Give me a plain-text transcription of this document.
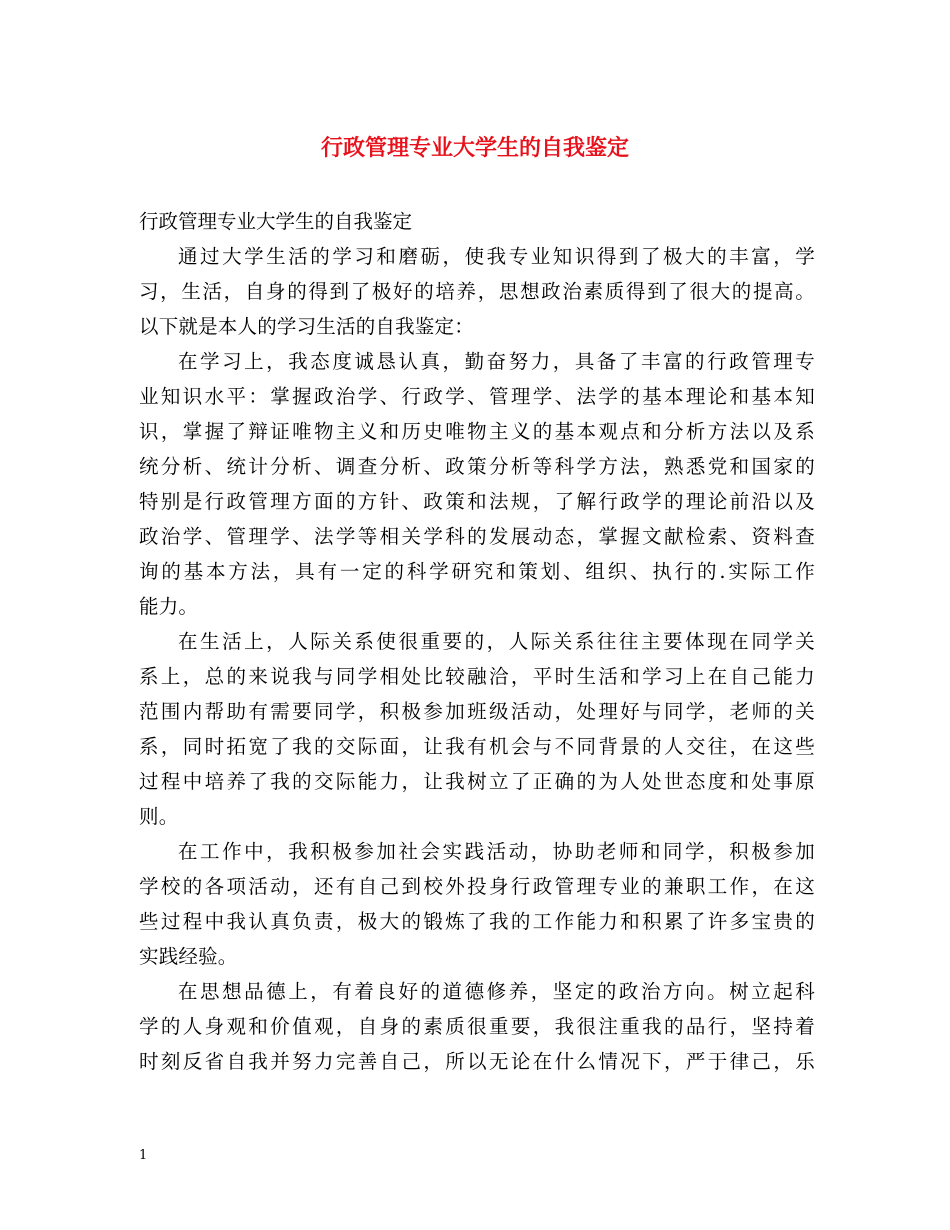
行政管理专业大学生的自我鉴定

行政管理专业大学生的自我鉴定

通过大学生活的学习和磨砺，使我专业知识得到了极大的丰富，学
习，生活，自身的得到了极好的培养，思想政治素质得到了很大的提高。
以下就是本人的学习生活的自我鉴定：
在学习上，我态度诚恳认真，勤奋努力，具备了丰富的行政管理专
业知识水平：掌握政治学、行政学、管理学、法学的基本理论和基本知
识，掌握了辩证唯物主义和历史唯物主义的基本观点和分析方法以及系
统分析、统计分析、调查分析、政策分析等科学方法，熟悉党和国家的
特别是行政管理方面的方针、政策和法规，了解行政学的理论前沿以及
政治学、管理学、法学等相关学科的发展动态，掌握文献检索、资料查
询的基本方法，具有一定的科学研究和策划、组织、执行的.实际工作
能力。
在生活上，人际关系使很重要的，人际关系往往主要体现在同学关
系上，总的来说我与同学相处比较融洽，平时生活和学习上在自己能力
范围内帮助有需要同学，积极参加班级活动，处理好与同学，老师的关
系，同时拓宽了我的交际面，让我有机会与不同背景的人交往，在这些
过程中培养了我的交际能力，让我树立了正确的为人处世态度和处事原
则。
在工作中，我积极参加社会实践活动，协助老师和同学，积极参加
学校的各项活动，还有自己到校外投身行政管理专业的兼职工作，在这
些过程中我认真负责，极大的锻炼了我的工作能力和积累了许多宝贵的
实践经验。
在思想品德上，有着良好的道德修养，坚定的政治方向。树立起科
学的人身观和价值观，自身的素质很重要，我很注重我的品行，坚持着
时刻反省自我并努力完善自己，所以无论在什么情况下，严于律己，乐
1
